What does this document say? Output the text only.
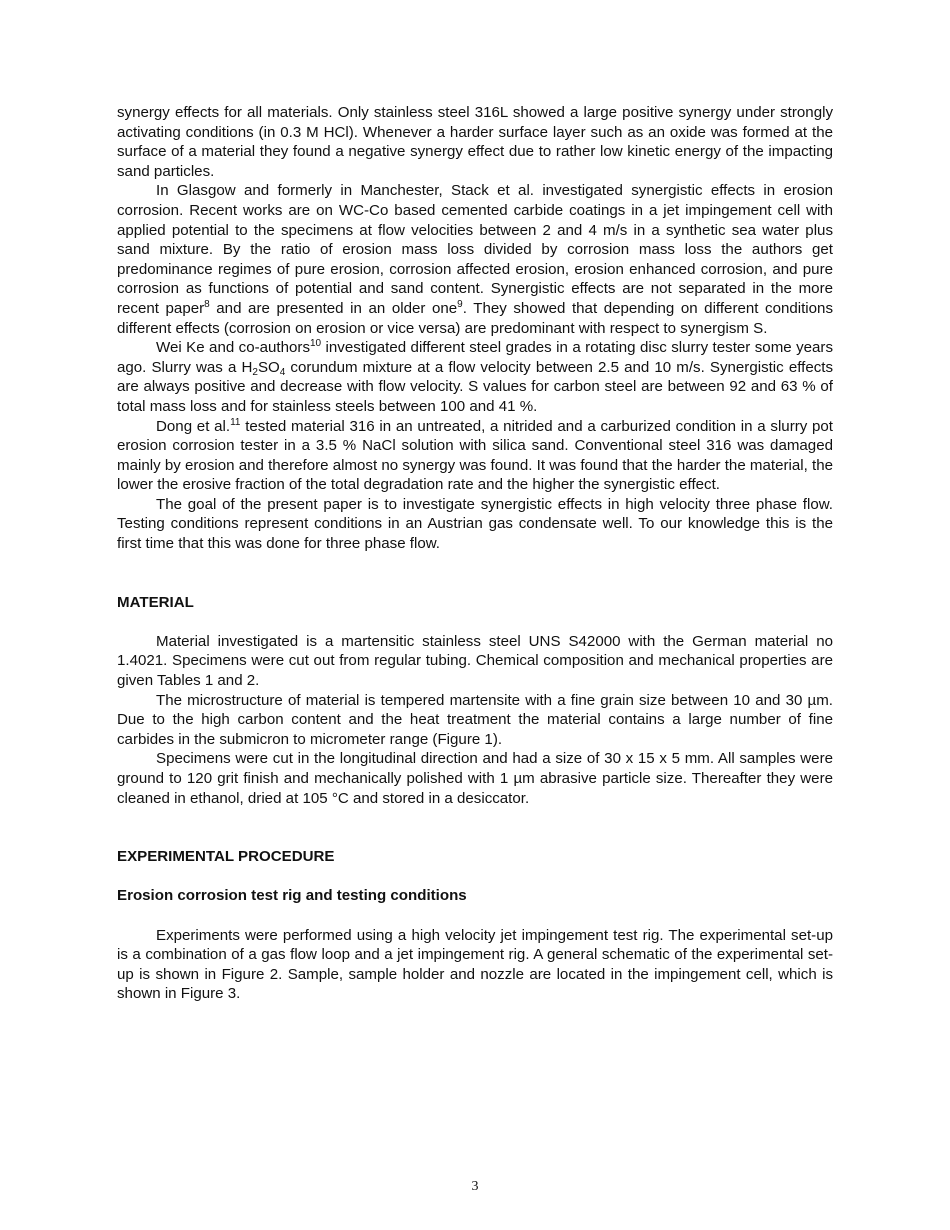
synergy effects for all materials. Only stainless steel 316L showed a large positive synergy under strongly activating conditions (in 0.3 M HCl). Whenever a harder surface layer such as an oxide was formed at the surface of a material they found a negative synergy effect due to rather low kinetic energy of the impacting sand particles.

In Glasgow and formerly in Manchester, Stack et al. investigated synergistic effects in erosion corrosion. Recent works are on WC-Co based cemented carbide coatings in a jet impingement cell with applied potential to the specimens at flow velocities between 2 and 4 m/s in a synthetic sea water plus sand mixture. By the ratio of erosion mass loss divided by corrosion mass loss the authors get predominance regimes of pure erosion, corrosion affected erosion, erosion enhanced corrosion, and pure corrosion as functions of potential and sand content. Synergistic effects are not separated in the more recent paper$^8$ and are presented in an older one$^9$. They showed that depending on different conditions different effects (corrosion on erosion or vice versa) are predominant with respect to synergism S.

Wei Ke and co-authors$^{10}$ investigated different steel grades in a rotating disc slurry tester some years ago. Slurry was a $H_2SO_4$ corundum mixture at a flow velocity between 2.5 and 10 m/s. Synergistic effects are always positive and decrease with flow velocity. S values for carbon steel are between 92 and 63 % of total mass loss and for stainless steels between 100 and 41 %.

Dong et al.$^{11}$ tested material 316 in an untreated, a nitrided and a carburized condition in a slurry pot erosion corrosion tester in a 3.5 % NaCl solution with silica sand. Conventional steel 316 was damaged mainly by erosion and therefore almost no synergy was found. It was found that the harder the material, the lower the erosive fraction of the total degradation rate and the higher the synergistic effect.

The goal of the present paper is to investigate synergistic effects in high velocity three phase flow. Testing conditions represent conditions in an Austrian gas condensate well. To our knowledge this is the first time that this was done for three phase flow.

MATERIAL

Material investigated is a martensitic stainless steel UNS S42000 with the German material no 1.4021. Specimens were cut out from regular tubing. Chemical composition and mechanical properties are given Tables 1 and 2.

The microstructure of material is tempered martensite with a fine grain size between 10 and 30 µm. Due to the high carbon content and the heat treatment the material contains a large number of fine carbides in the submicron to micrometer range (Figure 1).

Specimens were cut in the longitudinal direction and had a size of 30 x 15 x 5 mm. All samples were ground to 120 grit finish and mechanically polished with 1 µm abrasive particle size. Thereafter they were cleaned in ethanol, dried at 105 °C and stored in a desiccator.

EXPERIMENTAL PROCEDURE

Erosion corrosion test rig and testing conditions

Experiments were performed using a high velocity jet impingement test rig. The experimental set-up is a combination of a gas flow loop and a jet impingement rig. A general schematic of the experimental set-up is shown in Figure 2. Sample, sample holder and nozzle are located in the impingement cell, which is shown in Figure 3.

3
